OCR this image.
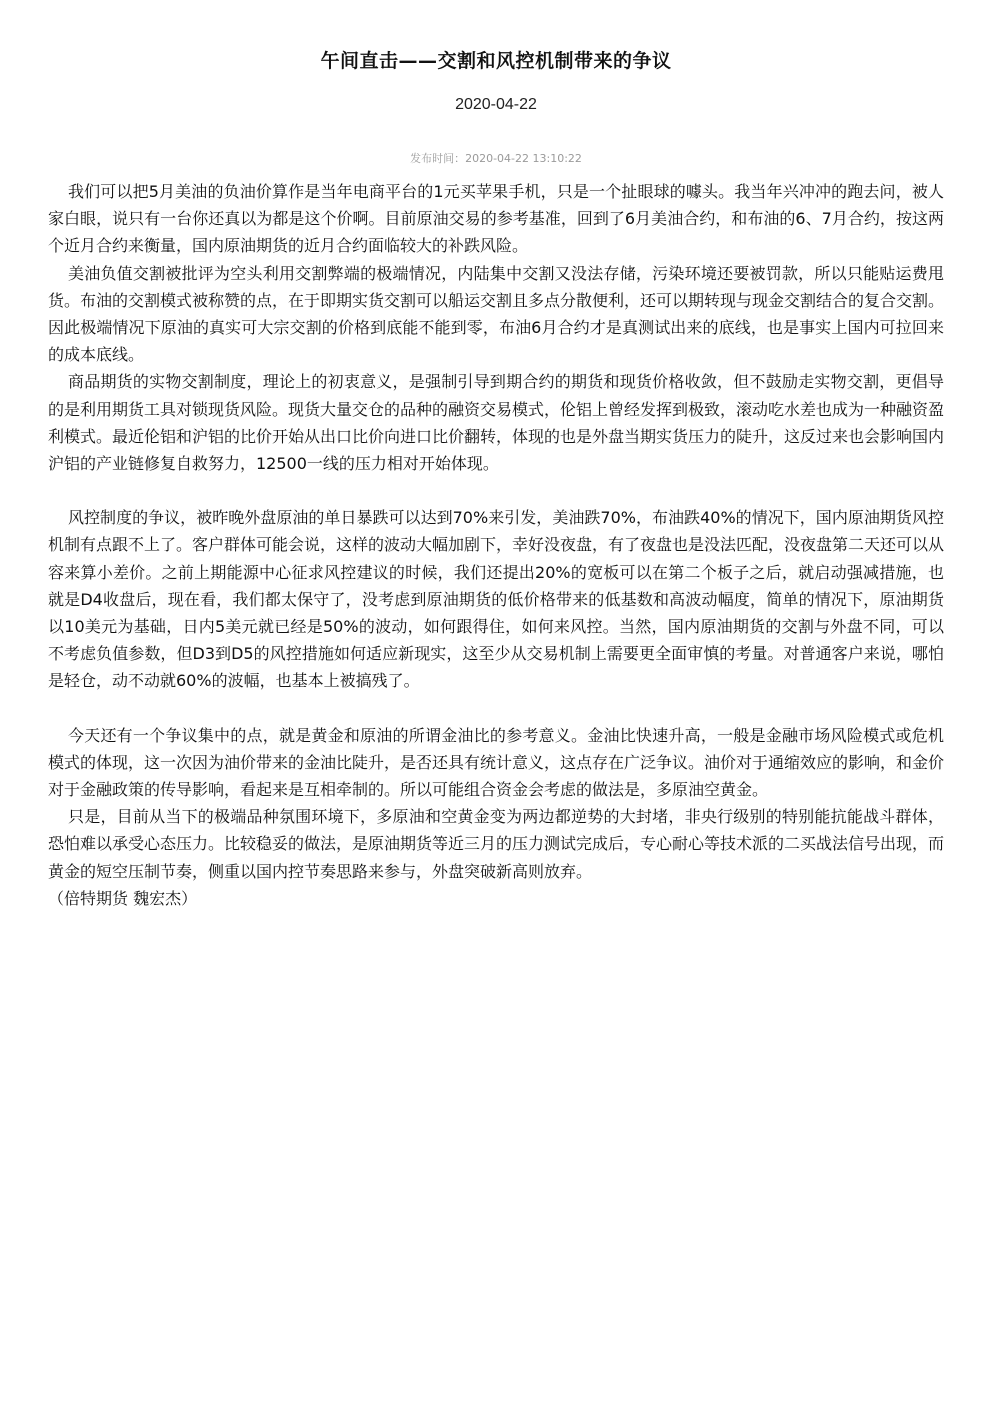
午间直击——交割和风控机制带来的争议
2020-04-22
发布时间：2020-04-22 13:10:22

我们可以把5月美油的负油价算作是当年电商平台的1元买苹果手机，只是一个扯眼球的噱头。我当年兴冲冲的跑去问，被人家白眼，说只有一台你还真以为都是这个价啊。目前原油交易的参考基准，回到了6月美油合约，和布油的6、7月合约，按这两个近月合约来衡量，国内原油期货的近月合约面临较大的补跌风险。

美油负值交割被批评为空头利用交割弊端的极端情况，内陆集中交割又没法存储，污染环境还要被罚款，所以只能贴运费甩货。布油的交割模式被称赞的点，在于即期实货交割可以船运交割且多点分散便利，还可以期转现与现金交割结合的复合交割。因此极端情况下原油的真实可大宗交割的价格到底能不能到零，布油6月合约才是真测试出来的底线，也是事实上国内可拉回来的成本底线。

商品期货的实物交割制度，理论上的初衷意义，是强制引导到期合约的期货和现货价格收敛，但不鼓励走实物交割，更倡导的是利用期货工具对锁现货风险。现货大量交仓的品种的融资交易模式，伦铝上曾经发挥到极致，滚动吃水差也成为一种融资盈利模式。最近伦铝和沪铝的比价开始从出口比价向进口比价翻转，体现的也是外盘当期实货压力的陡升，这反过来也会影响国内沪铝的产业链修复自救努力，12500一线的压力相对开始体现。

风控制度的争议，被昨晚外盘原油的单日暴跌可以达到70%来引发，美油跌70%，布油跌40%的情况下，国内原油期货风控机制有点跟不上了。客户群体可能会说，这样的波动大幅加剧下，幸好没夜盘，有了夜盘也是没法匹配，没夜盘第二天还可以从容来算小差价。之前上期能源中心征求风控建议的时候，我们还提出20%的宽板可以在第二个板子之后，就启动强减措施，也就是D4收盘后，现在看，我们都太保守了，没考虑到原油期货的低价格带来的低基数和高波动幅度，简单的情况下，原油期货以10美元为基础，日内5美元就已经是50%的波动，如何跟得住，如何来风控。当然，国内原油期货的交割与外盘不同，可以不考虑负值参数，但D3到D5的风控措施如何适应新现实，这至少从交易机制上需要更全面审慎的考量。对普通客户来说，哪怕是轻仓，动不动就60%的波幅，也基本上被搞残了。

今天还有一个争议集中的点，就是黄金和原油的所谓金油比的参考意义。金油比快速升高，一般是金融市场风险模式或危机模式的体现，这一次因为油价带来的金油比陡升，是否还具有统计意义，这点存在广泛争议。油价对于通缩效应的影响，和金价对于金融政策的传导影响，看起来是互相牵制的。所以可能组合资金会考虑的做法是，多原油空黄金。

只是，目前从当下的极端品种氛围环境下，多原油和空黄金变为两边都逆势的大封堵，非央行级别的特别能抗能战斗群体，恐怕难以承受心态压力。比较稳妥的做法，是原油期货等近三月的压力测试完成后，专心耐心等技术派的二买战法信号出现，而黄金的短空压制节奏，侧重以国内控节奏思路来参与，外盘突破新高则放弃。

（倍特期货 魏宏杰）
